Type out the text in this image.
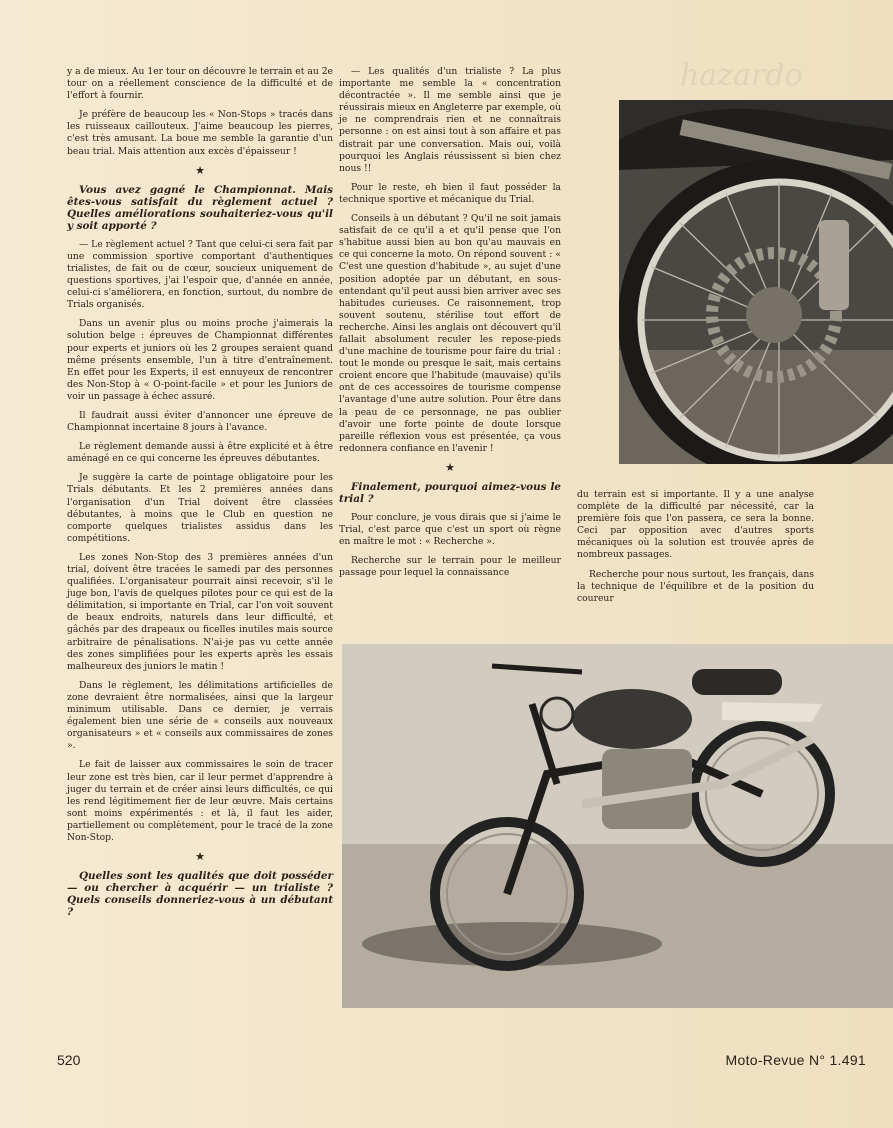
hazardo

y a de mieux. Au 1er tour on découvre le terrain et au 2e tour on a réellement conscience de la difficulté et de l'effort à fournir.

Je préfère de beaucoup les « Non-Stops » tracés dans les ruisseaux caillouteux. J'aime beaucoup les pierres, c'est très amusant. La boue me semble la garantie d'un beau trial. Mais attention aux excès d'épaisseur !

★

Vous avez gagné le Championnat. Mais êtes-vous satisfait du règlement actuel ? Quelles améliorations souhaiteriez-vous qu'il y soit apporté ?

— Le règlement actuel ? Tant que celui-ci sera fait par une commission sportive comportant d'authentiques trialistes, de fait ou de cœur, soucieux uniquement de questions sportives, j'ai l'espoir que, d'année en année, celui-ci s'améliorera, en fonction, surtout, du nombre de Trials organisés.

Dans un avenir plus ou moins proche j'aimerais la solution belge : épreuves de Championnat différentes pour experts et juniors où les 2 groupes seraient quand même présents ensemble, l'un à titre d'entraînement. En effet pour les Experts, il est ennuyeux de rencontrer des Non-Stop à « O-point-facile » et pour les Juniors de voir un passage à échec assuré.

Il faudrait aussi éviter d'annoncer une épreuve de Championnat incertaine 8 jours à l'avance.

Le règlement demande aussi à être explicité et à être aménagé en ce qui concerne les épreuves débutantes.

Je suggère la carte de pointage obligatoire pour les Trials débutants. Et les 2 premières années dans l'organisation d'un Trial doivent être classées débutantes, à moins que le Club en question ne comporte quelques trialistes assidus dans les compétitions.

Les zones Non-Stop des 3 premières années d'un trial, doivent être tracées le samedi par des personnes qualifiées. L'organisateur pourrait ainsi recevoir, s'il le juge bon, l'avis de quelques pilotes pour ce qui est de la délimitation, si importante en Trial, car l'on voit souvent de beaux endroits, naturels dans leur difficulté, et gâchés par des drapeaux ou ficelles inutiles mais source arbitraire de pénalisations. N'ai-je pas vu cette année des zones simplifiées pour les experts après les essais malheureux des juniors le matin !

Dans le règlement, les délimitations artificielles de zone devraient être normalisées, ainsi que la largeur minimum utilisable. Dans ce dernier, je verrais également bien une série de « conseils aux nouveaux organisateurs » et « conseils aux commissaires de zones ».

Le fait de laisser aux commissaires le soin de tracer leur zone est très bien, car il leur permet d'apprendre à juger du terrain et de créer ainsi leurs difficultés, ce qui les rend légitimement fier de leur œuvre. Mais certains sont moins expérimentés : et là, il faut les aider, partiellement ou complètement, pour le tracé de la zone Non-Stop.

★

Quelles sont les qualités que doit posséder — ou chercher à acquérir — un trialiste ? Quels conseils donneriez-vous à un débutant ?

— Les qualités d'un trialiste ? La plus importante me semble la « concentration décontractée ». Il me semble ainsi que je réussirais mieux en Angleterre par exemple, où je ne comprendrais rien et ne connaîtrais personne : on est ainsi tout à son affaire et pas distrait par une conversation. Mais oui, voilà pourquoi les Anglais réussissent si bien chez nous !!

Pour le reste, eh bien il faut posséder la technique sportive et mécanique du Trial.

Conseils à un débutant ? Qu'il ne soit jamais satisfait de ce qu'il a et qu'il pense que l'on s'habitue aussi bien au bon qu'au mauvais en ce qui concerne la moto. On répond souvent : « C'est une question d'habitude », au sujet d'une position adoptée par un débutant, en sous-entendant qu'il peut aussi bien arriver avec ses habitudes curieuses. Ce raisonnement, trop souvent soutenu, stérilise tout effort de recherche. Ainsi les anglais ont découvert qu'il fallait absolument reculer les repose-pieds d'une machine de tourisme pour faire du trial : tout le monde ou presque le sait, mais certains croient encore que l'habitude (mauvaise) qu'ils ont de ces accessoires de tourisme compense l'avantage d'une autre solution. Pour être dans la peau de ce personnage, ne pas oublier d'avoir une forte pointe de doute lorsque pareille réflexion vous est présentée, ça vous redonnera confiance en l'avenir !

★

Finalement, pourquoi aimez-vous le trial ?

Pour conclure, je vous dirais que si j'aime le Trial, c'est parce que c'est un sport où règne en maître le mot : « Recherche ».

Recherche sur le terrain pour le meilleur passage pour lequel la connaissance

du terrain est si importante. Il y a une analyse complète de la difficulté par nécessité, car la première fois que l'on passera, ce sera la bonne. Ceci par opposition avec d'autres sports mécaniques où la solution est trouvée après de nombreux passages.

Recherche pour nous surtout, les français, dans la technique de l'équilibre et de la position du coureur

520	Moto-Revue N° 1.491
